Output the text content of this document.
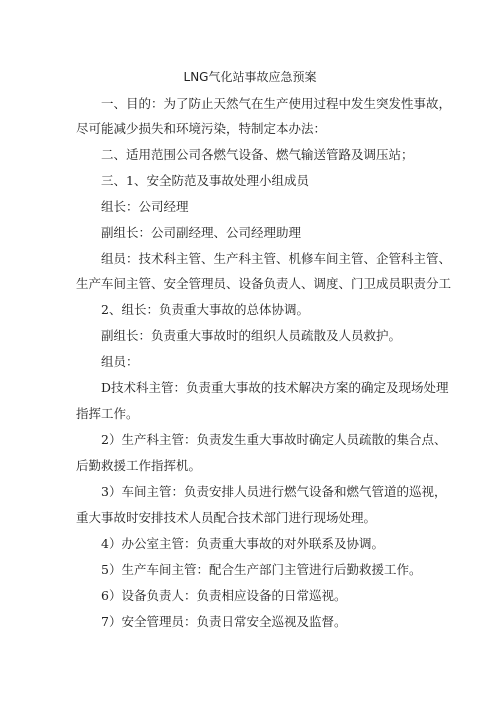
LNG气化站事故应急预案
一、目的：为了防止天然气在生产使用过程中发生突发性事故，
尽可能减少损失和环境污染，特制定本办法：
二、适用范围公司各燃气设备、燃气输送管路及调压站；
三、1、安全防范及事故处理小组成员
组长：公司经理
副组长：公司副经理、公司经理助理
组员：技术科主管、生产科主管、机修车间主管、企管科主管、
生产车间主管、安全管理员、设备负责人、调度、门卫成员职责分工
2、组长：负责重大事故的总体协调。
副组长：负责重大事故时的组织人员疏散及人员救护。
组员：
D技术科主管：负责重大事故的技术解决方案的确定及现场处理
指挥工作。
2）生产科主管：负责发生重大事故时确定人员疏散的集合点、
后勤救援工作指挥机。
3）车间主管：负责安排人员进行燃气设备和燃气管道的巡视，
重大事故时安排技术人员配合技术部门进行现场处理。
4）办公室主管：负责重大事故的对外联系及协调。
5）生产车间主管：配合生产部门主管进行后勤救援工作。
6）设备负责人：负责相应设备的日常巡视。
7）安全管理员：负责日常安全巡视及监督。
